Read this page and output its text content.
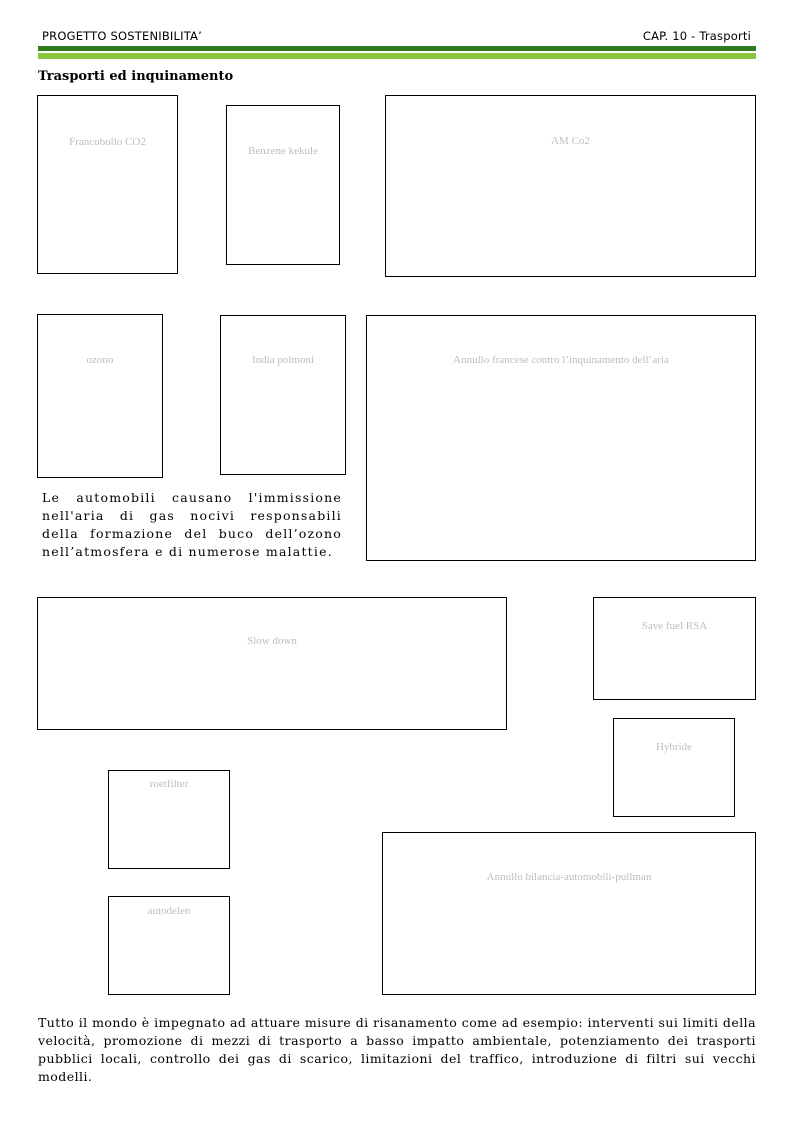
PROGETTO SOSTENIBILITA’	CAP. 10 - Trasporti
Trasporti ed inquinamento
Francobollo CO2
Benzene kekule
AM Co2
ozono	India polmoni	Annullo francese contro l’inquinamento dell’aria

Le automobili causano l'immissione nell'aria di gas nocivi responsabili della formazione del buco dell’ozono nell’atmosfera e di numerose malattie.

Slow down
Save fuel RSA
Hybride
roetfilter
Annullo bilancia-automobili-pullman
autodelen

Tutto il mondo è impegnato ad attuare misure di risanamento come ad esempio: interventi sui limiti della velocità, promozione di mezzi di trasporto a basso impatto ambientale, potenziamento dei trasporti pubblici locali, controllo dei gas di scarico, limitazioni del traffico, introduzione di filtri sui vecchi modelli.
